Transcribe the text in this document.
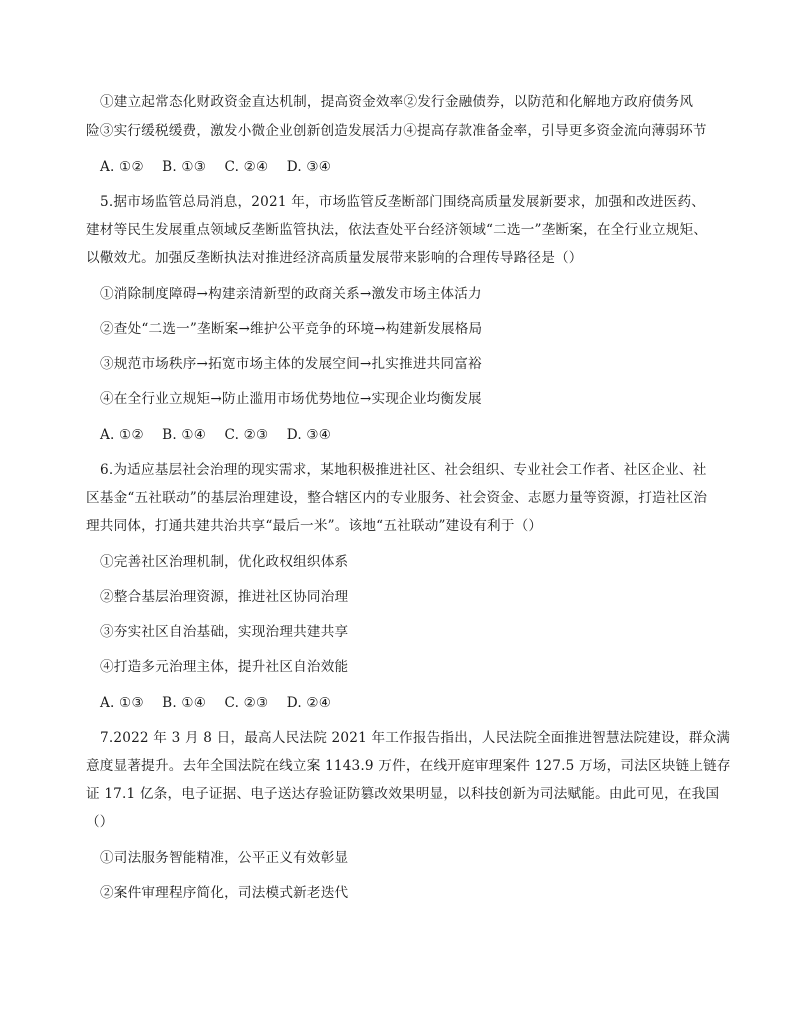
①建立起常态化财政资金直达机制，提高资金效率②发行金融债券，以防范和化解地方政府债务风
险③实行缓税缓费，激发小微企业创新创造发展活力④提高存款准备金率，引导更多资金流向薄弱环节
A. ①②　 B. ①③　 C. ②④　 D. ③④
5.据市场监管总局消息，2021 年，市场监管反垄断部门围绕高质量发展新要求，加强和改进医药、
建材等民生发展重点领域反垄断监管执法，依法查处平台经济领域“二选一”垄断案，在全行业立规矩、
以儆效尤。加强反垄断执法对推进经济高质量发展带来影响的合理传导路径是（）
①消除制度障碍→构建亲清新型的政商关系→激发市场主体活力
②查处“二选一”垄断案→维护公平竞争的环境→构建新发展格局
③规范市场秩序→拓宽市场主体的发展空间→扎实推进共同富裕
④在全行业立规矩→防止滥用市场优势地位→实现企业均衡发展
A. ①②　 B. ①④　 C. ②③　 D. ③④
6.为适应基层社会治理的现实需求，某地积极推进社区、社会组织、专业社会工作者、社区企业、社
区基金“五社联动”的基层治理建设，整合辖区内的专业服务、社会资金、志愿力量等资源，打造社区治
理共同体，打通共建共治共享“最后一米”。该地“五社联动”建设有利于（）
①完善社区治理机制，优化政权组织体系
②整合基层治理资源，推进社区协同治理
③夯实社区自治基础，实现治理共建共享
④打造多元治理主体，提升社区自治效能
A. ①③　 B. ①④　 C. ②③　 D. ②④
7.2022 年 3 月 8 日，最高人民法院 2021 年工作报告指出，人民法院全面推进智慧法院建设，群众满
意度显著提升。去年全国法院在线立案 1143.9 万件，在线开庭审理案件 127.5 万场，司法区块链上链存
证 17.1 亿条，电子证据、电子送达存验证防篡改效果明显，以科技创新为司法赋能。由此可见，在我国
（）
①司法服务智能精准，公平正义有效彰显
②案件审理程序简化，司法模式新老迭代
